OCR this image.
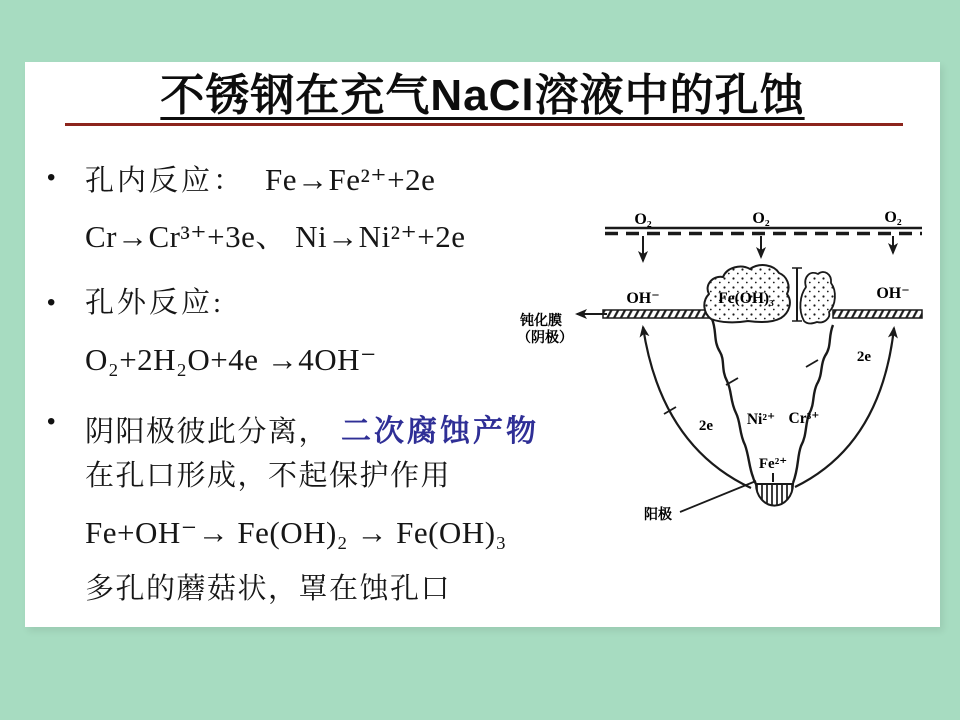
不锈钢在充气NaCl溶液中的孔蚀
• 孔内反应： Fe→Fe²⁺+2e
Cr→Cr³⁺+3e、 Ni→Ni²⁺+2e
• 孔外反应:
O₂+2H₂O+4e →4OH⁻
• 阴阳极彼此分离， 二次腐蚀产物
在孔口形成，不起保护作用
Fe+OH⁻→ Fe(OH)₂ → Fe(OH)₃
多孔的蘑菇状，罩在蚀孔口
O₂	O₂	O₂
OH⁻	OH⁻
钝化膜
（阴极）
Fe(OH)₃
Ni²⁺ Cr³⁺
Fe²⁺
2e
2e
阳极
